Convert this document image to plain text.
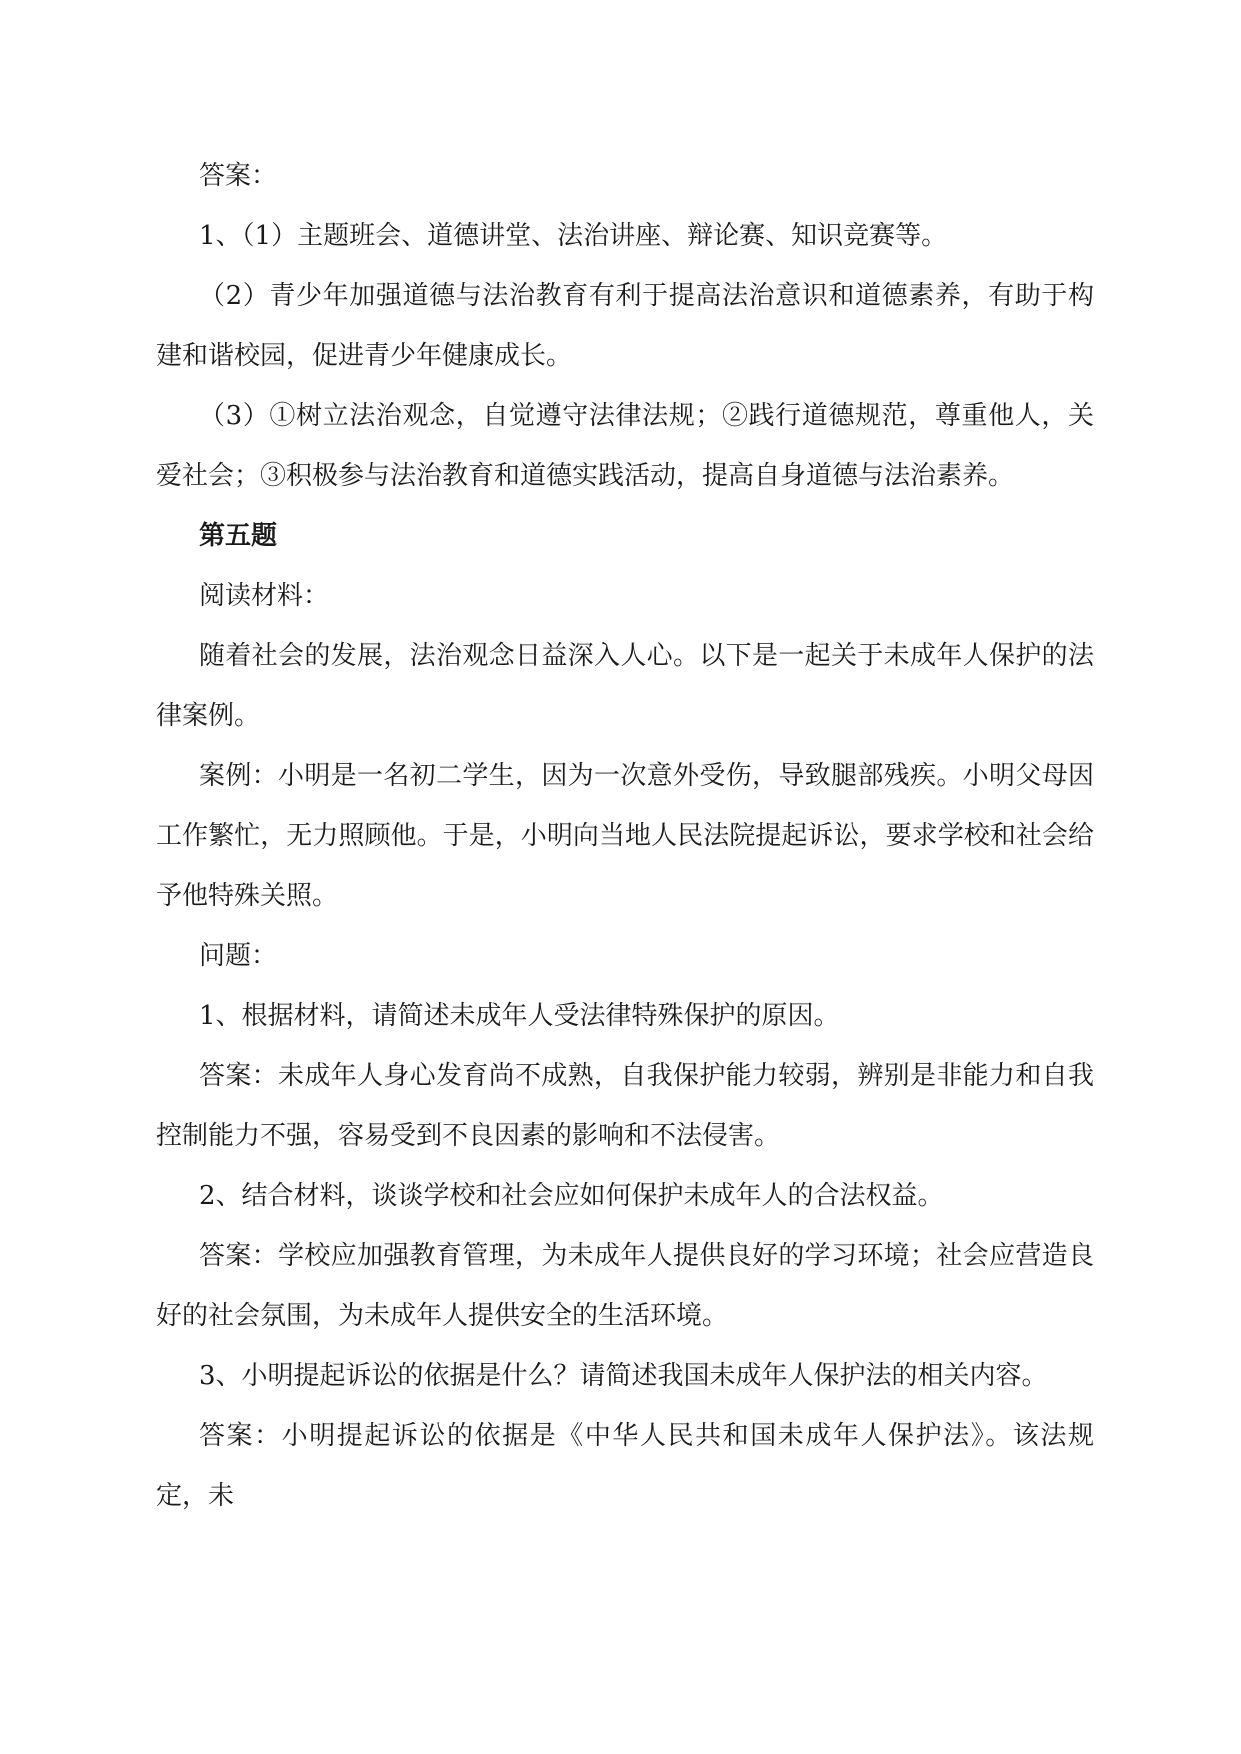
答案：

1、（1）主题班会、道德讲堂、法治讲座、辩论赛、知识竞赛等。

（2）青少年加强道德与法治教育有利于提高法治意识和道德素养，有助于构建和谐校园，促进青少年健康成长。

（3）①树立法治观念，自觉遵守法律法规；②践行道德规范，尊重他人，关爱社会；③积极参与法治教育和道德实践活动，提高自身道德与法治素养。

第五题

阅读材料：

随着社会的发展，法治观念日益深入人心。以下是一起关于未成年人保护的法律案例。

案例：小明是一名初二学生，因为一次意外受伤，导致腿部残疾。小明父母因工作繁忙，无力照顾他。于是，小明向当地人民法院提起诉讼，要求学校和社会给予他特殊关照。

问题：

1、根据材料，请简述未成年人受法律特殊保护的原因。

答案：未成年人身心发育尚不成熟，自我保护能力较弱，辨别是非能力和自我控制能力不强，容易受到不良因素的影响和不法侵害。

2、结合材料，谈谈学校和社会应如何保护未成年人的合法权益。

答案：学校应加强教育管理，为未成年人提供良好的学习环境；社会应营造良好的社会氛围，为未成年人提供安全的生活环境。

3、小明提起诉讼的依据是什么？请简述我国未成年人保护法的相关内容。

答案：小明提起诉讼的依据是《中华人民共和国未成年人保护法》。该法规定，未
